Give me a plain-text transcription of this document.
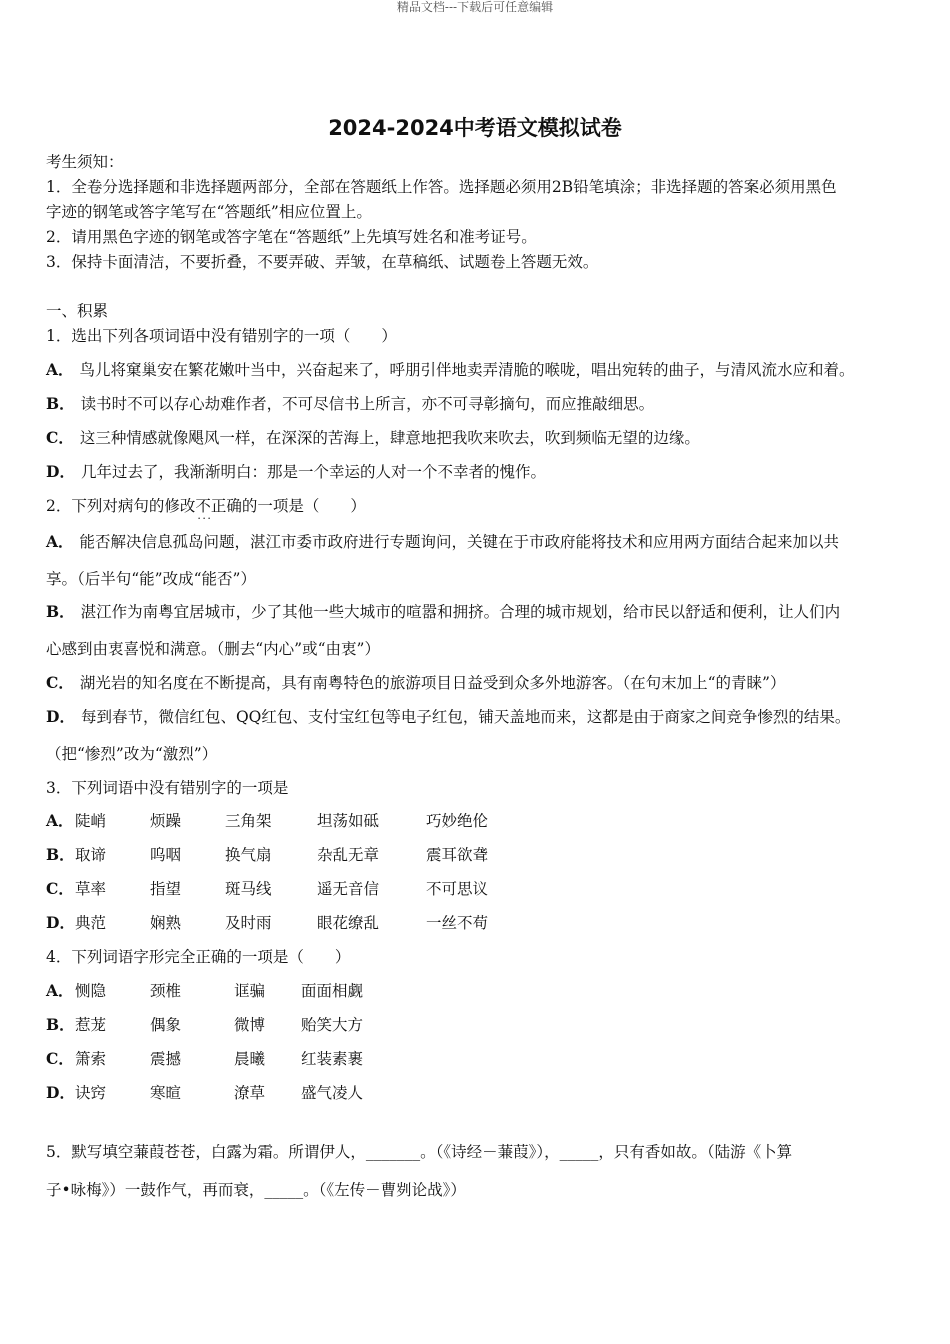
精品文档---下载后可任意编辑
2024-2024中考语文模拟试卷
考生须知：
1．全卷分选择题和非选择题两部分，全部在答题纸上作答。选择题必须用2B铅笔填涂；非选择题的答案必须用黑色
字迹的钢笔或答字笔写在“答题纸”相应位置上。
2．请用黑色字迹的钢笔或答字笔在“答题纸”上先填写姓名和准考证号。
3．保持卡面清洁，不要折叠，不要弄破、弄皱，在草稿纸、试题卷上答题无效。
一、积累
1．选出下列各项词语中没有错别字的一项（　　）
A． 鸟儿将窠巢安在繁花嫩叶当中，兴奋起来了，呼朋引伴地卖弄清脆的喉咙，唱出宛转的曲子，与清风流水应和着。
B． 读书时不可以存心劫难作者，不可尽信书上所言，亦不可寻彰摘句，而应推敲细思。
C． 这三种情感就像飓风一样，在深深的苦海上，肆意地把我吹来吹去，吹到频临无望的边缘。
D． 几年过去了，我渐渐明白：那是一个幸运的人对一个不幸者的愧作。
2．下列对病句的修改不正确 · · ·的一项是（　　）
A． 能否解决信息孤岛问题，湛江市委市政府进行专题询问，关键在于市政府能将技术和应用两方面结合起来加以共
享。（后半句“能”改成“能否”）
B． 湛江作为南粤宜居城市，少了其他一些大城市的喧嚣和拥挤。合理的城市规划，给市民以舒适和便利，让人们内
心感到由衷喜悦和满意。（删去“内心”或“由衷”）
C． 湖光岩的知名度在不断提高，具有南粤特色的旅游项目日益受到众多外地游客。（在句末加上“的青睐”）
D． 每到春节，微信红包、QQ红包、支付宝红包等电子红包，铺天盖地而来，这都是由于商家之间竞争惨烈的结果。
（把“惨烈”改为“激烈”）
3．下列词语中没有错别字的一项是
A． 陡峭	烦躁	三角架	坦荡如砥	巧妙绝伦
B． 取谛	呜咽	换气扇	杂乱无章	震耳欲聋
C． 草率	指望	斑马线	遥无音信	不可思议
D． 典范	娴熟	及时雨	眼花缭乱	一丝不苟
4．下列词语字形完全正确的一项是（　　）
A． 恻隐	颈椎	诓骗 面面相觑
B． 惹茏	偶象	微博 贻笑大方
C． 箫索	震撼	晨曦 红装素裹
D． 诀窍	寒暄	潦草 盛气凌人
5．默写填空蒹葭苍苍，白露为霜。所谓伊人，_______。（《诗经－蒹葭》），_____，只有香如故。（陆游《卜算
子•咏梅》）一鼓作气，再而衰，_____。（《左传－曹刿论战》）
